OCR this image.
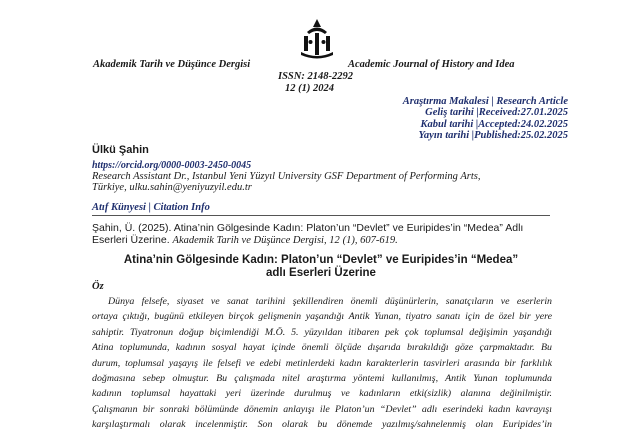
Akademik Tarih ve Düşünce Dergisi	Academic Journal of History and Idea
ISSN: 2148-2292
12 (1) 2024
Araştırma Makalesi | Research Article
Geliş tarihi |Received:27.01.2025
Kabul tarihi |Accepted:24.02.2025
Yayın tarihi |Published:25.02.2025
Ülkü Şahin
https://orcid.org/0000-0003-2450-0045
Research Assistant Dr., Istanbul Yeni Yüzyıl University GSF Department of Performing Arts,
Türkiye, ulku.sahin@yeniyuzyil.edu.tr
Atıf Künyesi | Citation Info
Şahin, Ü. (2025). Atina’nin Gölgesinde Kadın: Platon’un “Devlet” ve Euripides’in “Medea” Adlı
Eserleri Üzerine. Akademik Tarih ve Düşünce Dergisi, 12 (1), 607-619.
Atina’nin Gölgesinde Kadın: Platon’un “Devlet” ve Euripides’in “Medea”
adlı Eserleri Üzerine
Öz
Dünya felsefe, siyaset ve sanat tarihini şekillendiren önemli düşünürlerin, sanatçıların ve eserlerin
ortaya çıktığı, bugünü etkileyen birçok gelişmenin yaşandığı Antik Yunan, tiyatro sanatı için de özel bir yere
sahiptir. Tiyatronun doğup biçimlendiği M.Ö. 5. yüzyıldan itibaren pek çok toplumsal değişimin yaşandığı
Atina toplumunda, kadının sosyal hayat içinde önemli ölçüde dışarıda bırakıldığı göze çarpmaktadır. Bu
durum, toplumsal yaşayış ile felsefi ve edebi metinlerdeki kadın karakterlerin tasvirleri arasında bir farklılık
doğmasına sebep olmuştur. Bu çalışmada nitel araştırma yöntemi kullanılmış, Antik Yunan toplumunda
kadının toplumsal hayattaki yeri üzerinde durulmuş ve kadınların etki(sizlik) alanına değinilmiştir.
Çalışmanın bir sonraki bölümünde dönemin anlayışı ile Platon’un “Devlet” adlı eserindeki kadın kavrayışı
karşılaştırmalı olarak incelenmiştir. Son olarak bu dönemde yazılmış/sahnelenmiş olan Euripides’in
